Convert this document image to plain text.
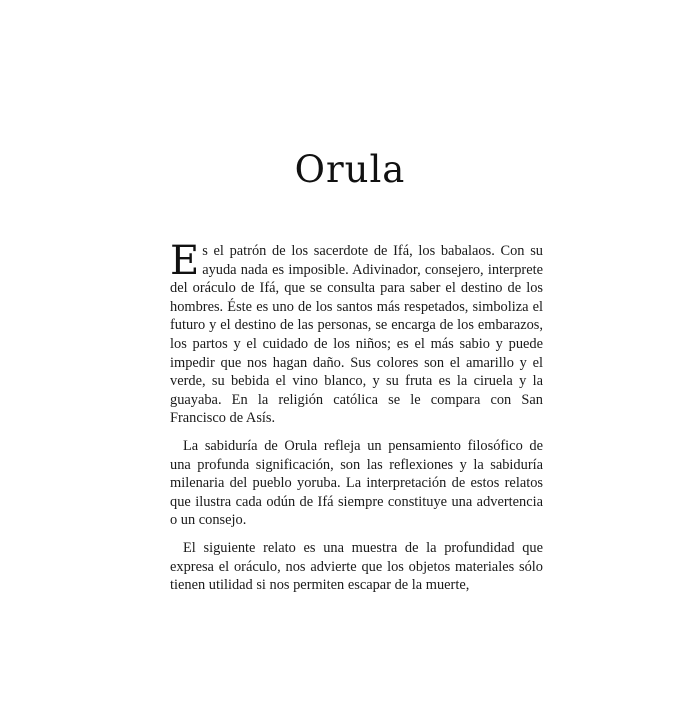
Orula

Es el patrón de los sacerdote de Ifá, los babalaos. Con su ayuda nada es imposible. Adivinador, consejero, interprete del oráculo de Ifá, que se consulta para saber el destino de los hombres. Éste es uno de los santos más respetados, simboliza el futuro y el destino de las personas, se encarga de los embarazos, los partos y el cuidado de los niños; es el más sabio y puede impedir que nos hagan daño. Sus colores son el amarillo y el verde, su bebida el vino blanco, y su fruta es la ciruela y la guayaba. En la religión católica se le compara con San Francisco de Asís.

La sabiduría de Orula refleja un pensamiento filosófico de una profunda significación, son las reflexiones y la sabiduría milenaria del pueblo yoruba. La interpretación de estos relatos que ilustra cada odún de Ifá siempre constituye una advertencia o un consejo.

El siguiente relato es una muestra de la profundidad que expresa el oráculo, nos advierte que los objetos materiales sólo tienen utilidad si nos permiten escapar de la muerte,
